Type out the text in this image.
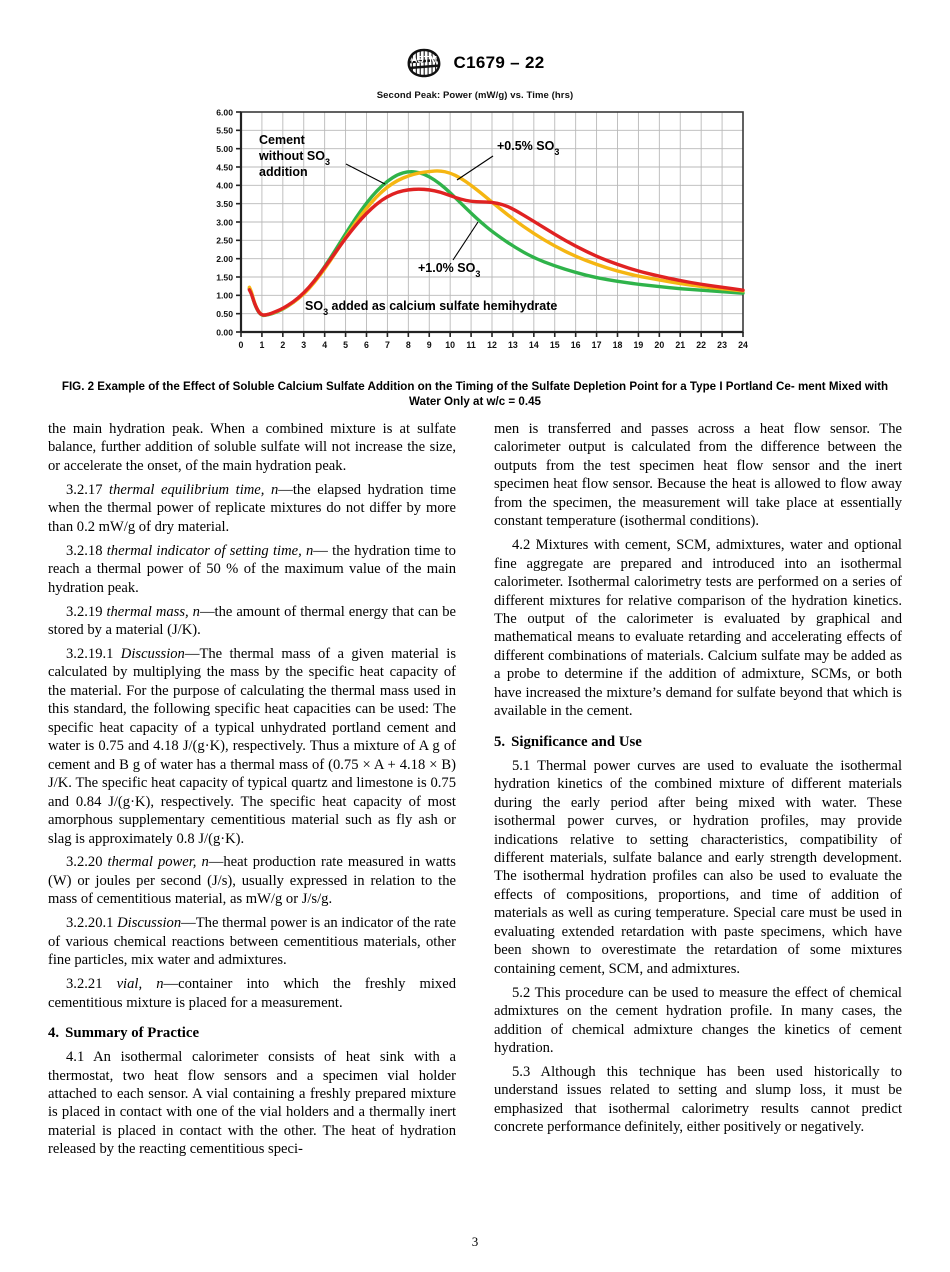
ASTM C1679 – 22
Second Peak: Power (mW/g) vs. Time (hrs)
0.00
0.50
1.00
1.50
2.00
2.50
3.00
3.50
4.00
4.50
5.00
5.50
6.00
0 1 2 3 4 5 6 7 8 9 10 11 12 13 14 15 16 17 18 19 20 21 22 23 24
Cement
without $SO_3$
addition
+0.5% $SO_3$
+1.0% $SO_3$
$SO_3$ added as calcium sulfate hemihydrate
FIG. 2 Example of the Effect of Soluble Calcium Sulfate Addition on the Timing of the Sulfate Depletion Point for a Type I Portland Ce- ment Mixed with Water Only at w/c = 0.45

the main hydration peak. When a combined mixture is at sulfate balance, further addition of soluble sulfate will not increase the size, or accelerate the onset, of the main hydration peak.

3.2.17 thermal equilibrium time, n—the elapsed hydration time when the thermal power of replicate mixtures do not differ by more than 0.2 mW/g of dry material.

3.2.18 thermal indicator of setting time, n— the hydration time to reach a thermal power of 50 % of the maximum value of the main hydration peak.

3.2.19 thermal mass, n—the amount of thermal energy that can be stored by a material (J/K).

3.2.19.1 Discussion—The thermal mass of a given material is calculated by multiplying the mass by the specific heat capacity of the material. For the purpose of calculating the thermal mass used in this standard, the following specific heat capacities can be used: The specific heat capacity of a typical unhydrated portland cement and water is 0.75 and 4.18 J/(g·K), respectively. Thus a mixture of A g of cement and B g of water has a thermal mass of (0.75 × A + 4.18 × B) J/K. The specific heat capacity of typical quartz and limestone is 0.75 and 0.84 J/(g·K), respectively. The specific heat capacity of most amorphous supplementary cementitious material such as fly ash or slag is approximately 0.8 J/(g·K).

3.2.20 thermal power, n—heat production rate measured in watts (W) or joules per second (J/s), usually expressed in relation to the mass of cementitious material, as mW/g or J/s/g.

3.2.20.1 Discussion—The thermal power is an indicator of the rate of various chemical reactions between cementitious materials, other fine particles, mix water and admixtures.

3.2.21 vial, n—container into which the freshly mixed cementitious mixture is placed for a measurement.

4. Summary of Practice

4.1 An isothermal calorimeter consists of heat sink with a thermostat, two heat flow sensors and a specimen vial holder attached to each sensor. A vial containing a freshly prepared mixture is placed in contact with one of the vial holders and a thermally inert material is placed in contact with the other. The heat of hydration released by the reacting cementitious speci-

men is transferred and passes across a heat flow sensor. The calorimeter output is calculated from the difference between the outputs from the test specimen heat flow sensor and the inert specimen heat flow sensor. Because the heat is allowed to flow away from the specimen, the measurement will take place at essentially constant temperature (isothermal conditions).

4.2 Mixtures with cement, SCM, admixtures, water and optional fine aggregate are prepared and introduced into an isothermal calorimeter. Isothermal calorimetry tests are performed on a series of different mixtures for relative comparison of the hydration kinetics. The output of the calorimeter is evaluated by graphical and mathematical means to evaluate retarding and accelerating effects of different combinations of materials. Calcium sulfate may be added as a probe to determine if the addition of admixture, SCMs, or both have increased the mixture’s demand for sulfate beyond that which is available in the cement.

5. Significance and Use

5.1 Thermal power curves are used to evaluate the isothermal hydration kinetics of the combined mixture of different materials during the early period after being mixed with water. These isothermal power curves, or hydration profiles, may provide indications relative to setting characteristics, compatibility of different materials, sulfate balance and early strength development. The isothermal hydration profiles can also be used to evaluate the effects of compositions, proportions, and time of addition of materials as well as curing temperature. Special care must be used in evaluating extended retardation with paste specimens, which have been shown to overestimate the retardation of some mixtures containing cement, SCM, and admixtures.

5.2 This procedure can be used to measure the effect of chemical admixtures on the cement hydration profile. In many cases, the addition of chemical admixture changes the kinetics of cement hydration.

5.3 Although this technique has been used historically to understand issues related to setting and slump loss, it must be emphasized that isothermal calorimetry results cannot predict concrete performance definitely, either positively or negatively.

3
